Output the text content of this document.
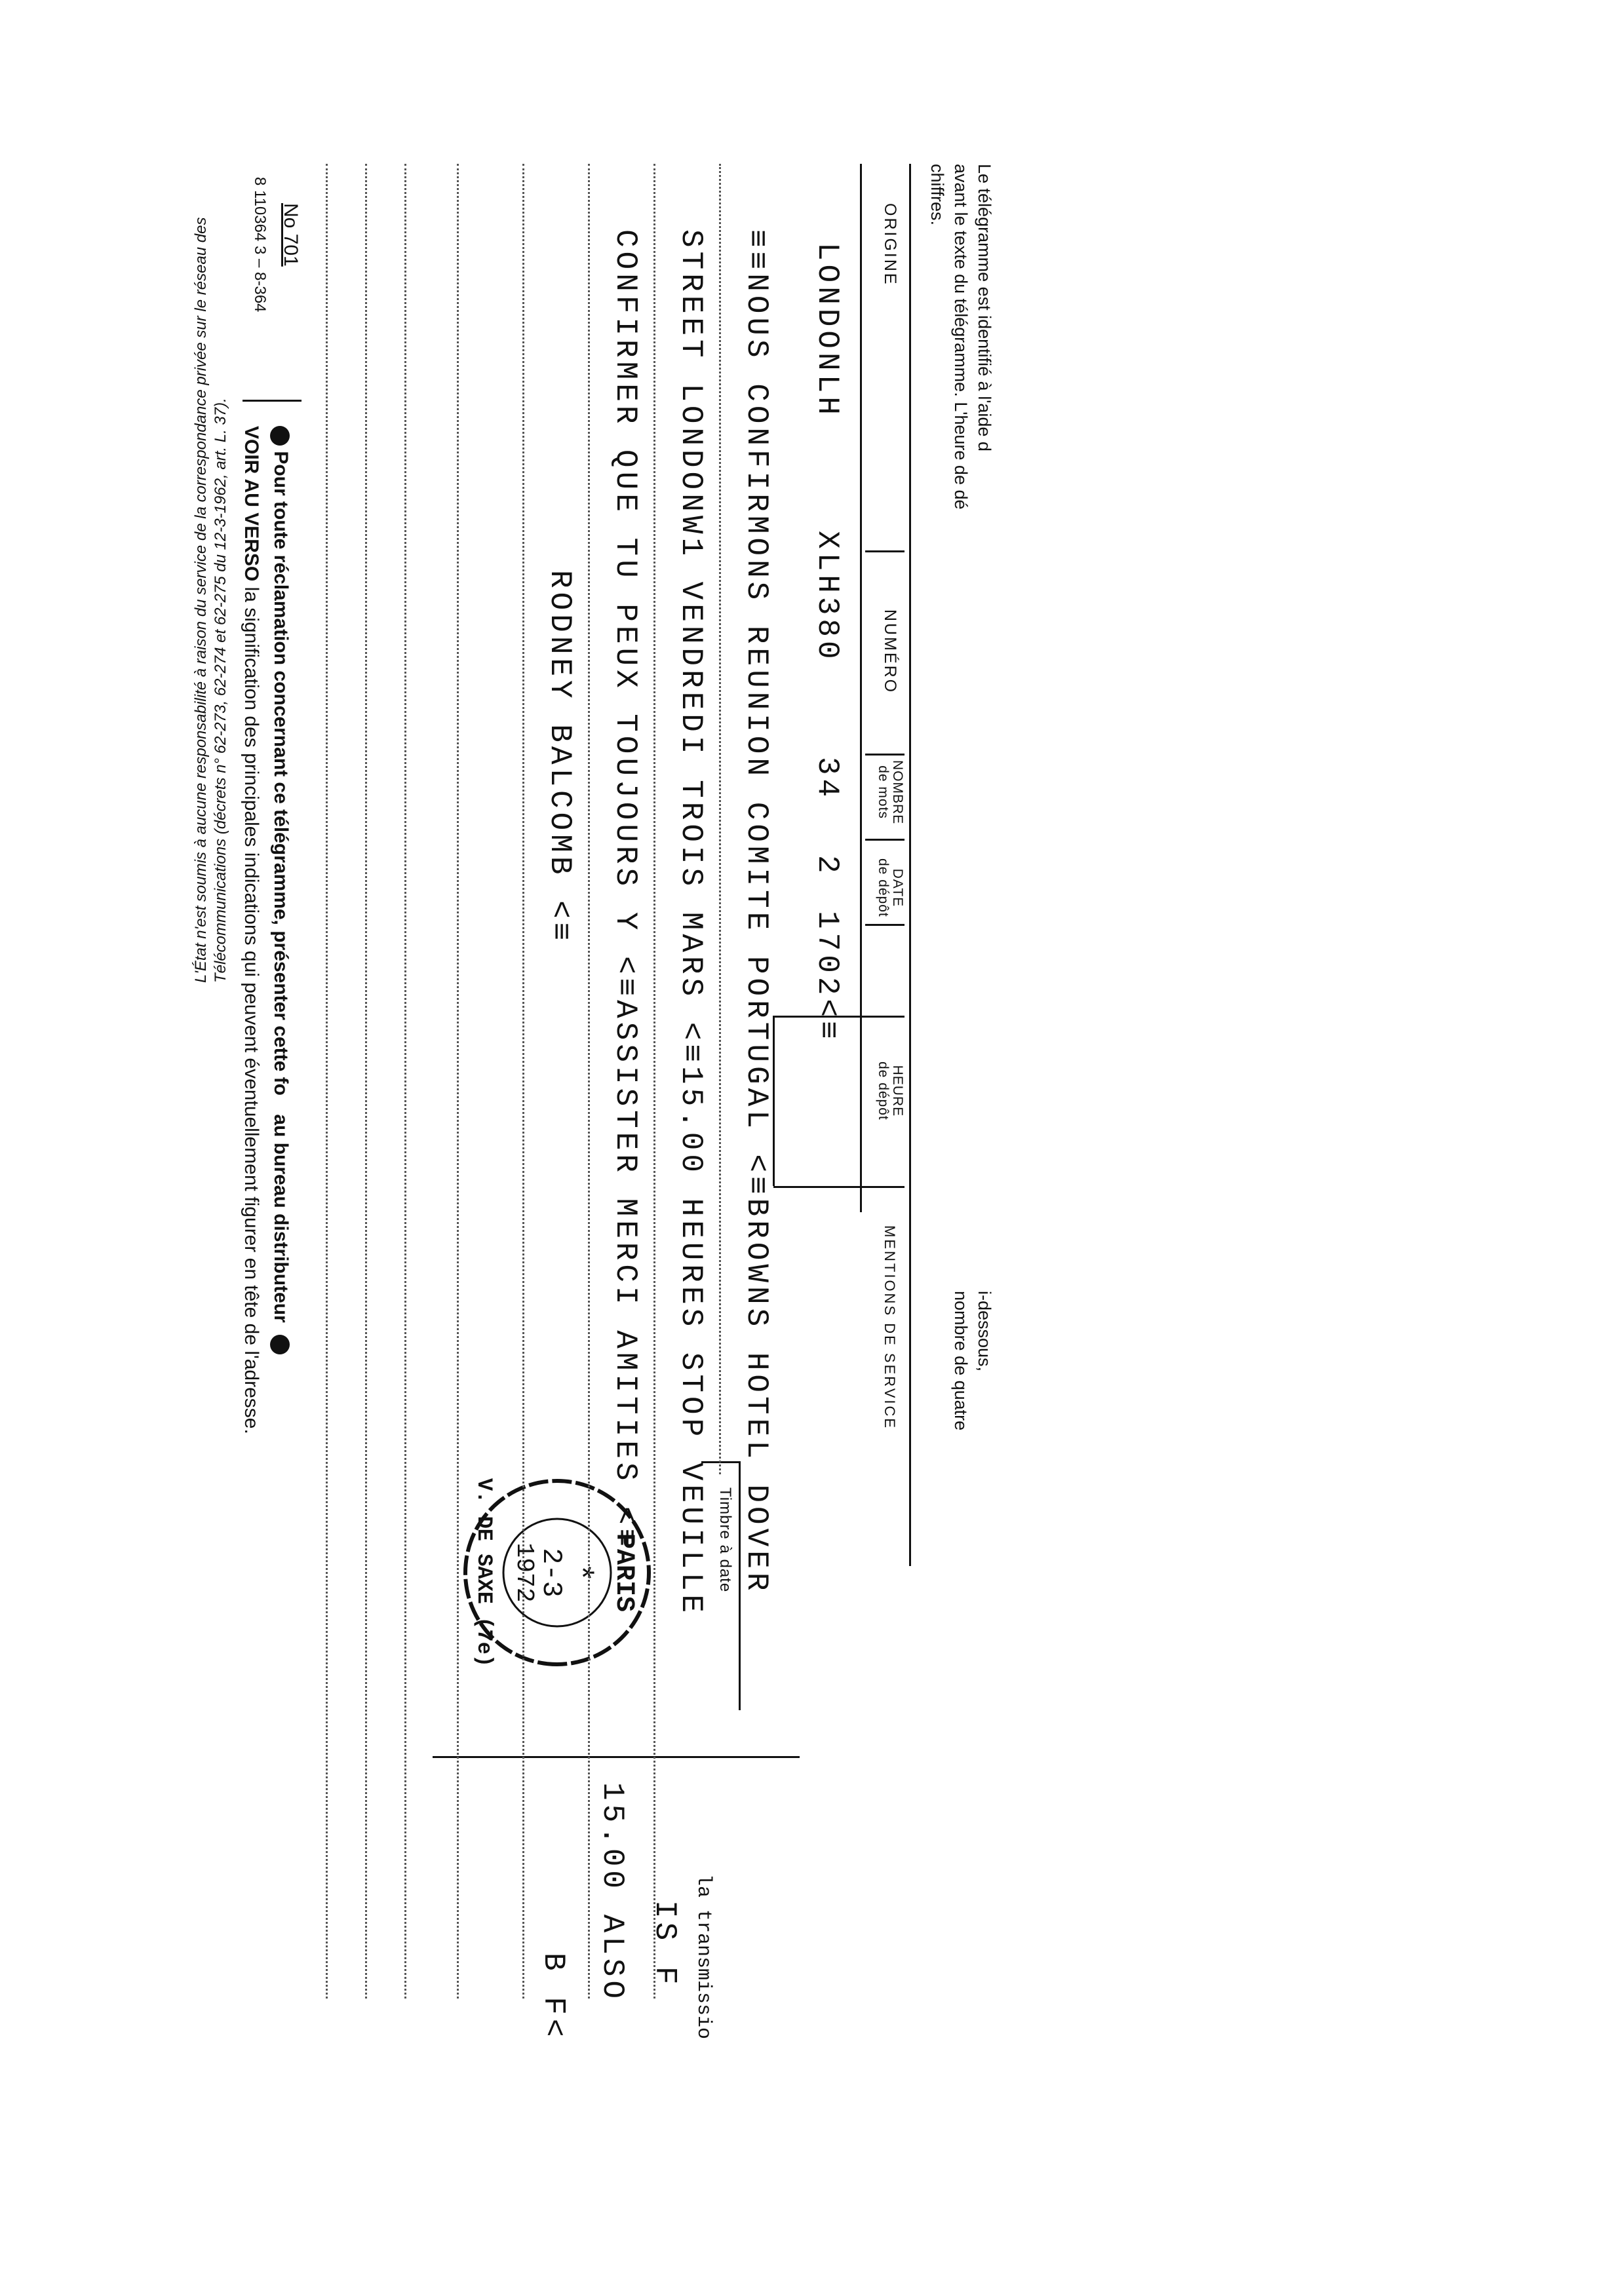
Le télégramme est identifié à l'aide d
avant le texte du télégramme. L'heure de dé
chiffres.
i-dessous,
nombre de quatre
ORIGINE
NUMÉRO
NOMBRE
de mots
DATE
de dépôt
HEURE
de dépôt
MENTIONS DE SERVICE
LONDONLH
XLH380
34
2
1702<≡
Timbre à date
PARIS
*
2-3
1972
V. DE SAXE (7e)
la transmissio
IS F
15.00 ALSO
B F<
≡≡NOUS CONFIRMONS REUNION COMITE PORTUGAL <≡BROWNS HOTEL DOVER
STREET LONDONW1 VENDREDI TROIS MARS <≡15.00 HEURES STOP VEUILLE
CONFIRMER QUE TU PEUX TOUJOURS Y <≡ASSISTER MERCI AMITIES <≡
RODNEY BALCOMB <≡
No 701
8 110364 3 – 8-364
Pour toute réclamation concernant ce télégramme, présenter cette fo au bureau distributeur
VOIR AU VERSO la signification des principales indications qui peuvent éventuellement figurer en tête de l'adresse.
L'État n'est soumis à aucune responsabilité à raison du service de la correspondance privée sur le réseau des Télécommunications (décrets n° 62-273, 62-274 et 62-275 du 12-3-1962, art. L. 37).
